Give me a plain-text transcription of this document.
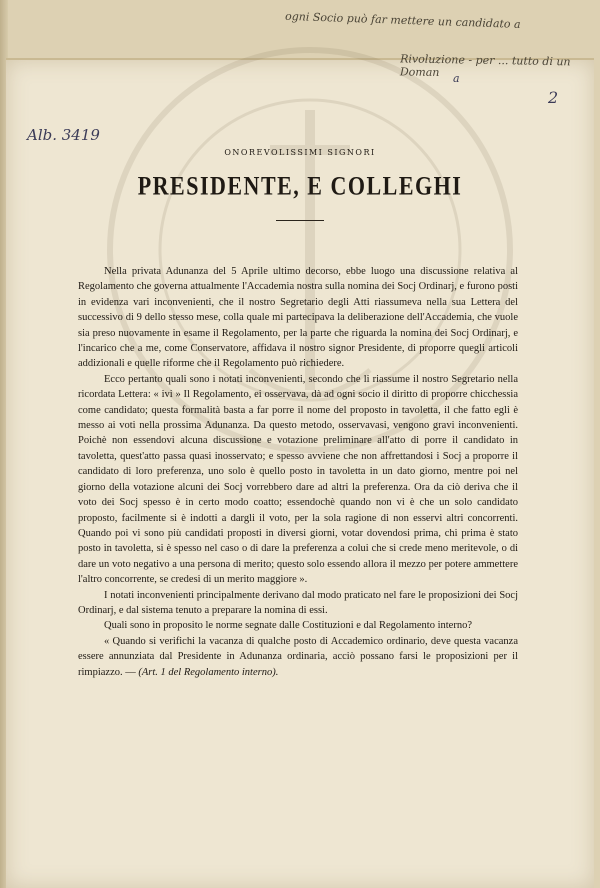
ogni Socio può far mettere un candidato a
Rivoluzione - per ... tutto di un Doman	a
2
Alb. 3419
ONOREVOLISSIMI SIGNORI
PRESIDENTE, E COLLEGHI

Nella privata Adunanza del 5 Aprile ultimo decorso, ebbe luogo una discussione relativa al Regolamento che governa attualmente l'Accademia nostra sulla nomina dei Socj Ordinarj, e furono posti in evidenza vari inconvenienti, che il nostro Segretario degli Atti riassumeva nella sua Lettera del successivo di 9 dello stesso mese, colla quale mi partecipava la deliberazione dell'Accademia, che vuole sia preso nuovamente in esame il Regolamento, per la parte che riguarda la nomina dei Socj Ordinarj, e l'incarico che a me, come Conservatore, affidava il nostro signor Presidente, di proporre quegli articoli addizionali e quelle riforme che il Regolamento può richiedere.

Ecco pertanto quali sono i notati inconvenienti, secondo che li riassume il nostro Segretario nella ricordata Lettera: « ivi » Il Regolamento, ei osservava, dà ad ogni socio il diritto di proporre chicchessia come candidato; questa formalità basta a far porre il nome del proposto in tavoletta, il che fatto egli è messo ai voti nella prossima Adunanza. Da questo metodo, osservavasi, vengono gravi inconvenienti. Poichè non essendovi alcuna discussione e votazione preliminare all'atto di porre il candidato in tavoletta, quest'atto passa quasi inosservato; e spesso avviene che non affrettandosi i Socj a proporre il candidato di loro preferenza, uno solo è quello posto in tavoletta in un dato giorno, mentre poi nel giorno della votazione alcuni dei Socj vorrebbero dare ad altri la preferenza. Ora da ciò deriva che il voto dei Socj spesso è in certo modo coatto; essendochè quando non vi è che un solo candidato proposto, facilmente si è indotti a dargli il voto, per la sola ragione di non esservi altri concorrenti. Quando poi vi sono più candidati proposti in diversi giorni, votar dovendosi prima, chi prima è stato posto in tavoletta, si è spesso nel caso o di dare la preferenza a colui che si crede meno meritevole, o di dare un voto negativo a una persona di merito; questo solo essendo allora il mezzo per potere ammettere l'altro concorrente, se credesi di un merito maggiore ».

I notati inconvenienti principalmente derivano dal modo praticato nel fare le proposizioni dei Socj Ordinarj, e dal sistema tenuto a preparare la nomina di essi.

Quali sono in proposito le norme segnate dalle Costituzioni e dal Regolamento interno?

« Quando si verifichi la vacanza di qualche posto di Accademico ordinario, deve questa vacanza essere annunziata dal Presidente in Adunanza ordinaria, acciò possano farsi le proposizioni per il rimpiazzo. — (Art. 1 del Regolamento interno).
